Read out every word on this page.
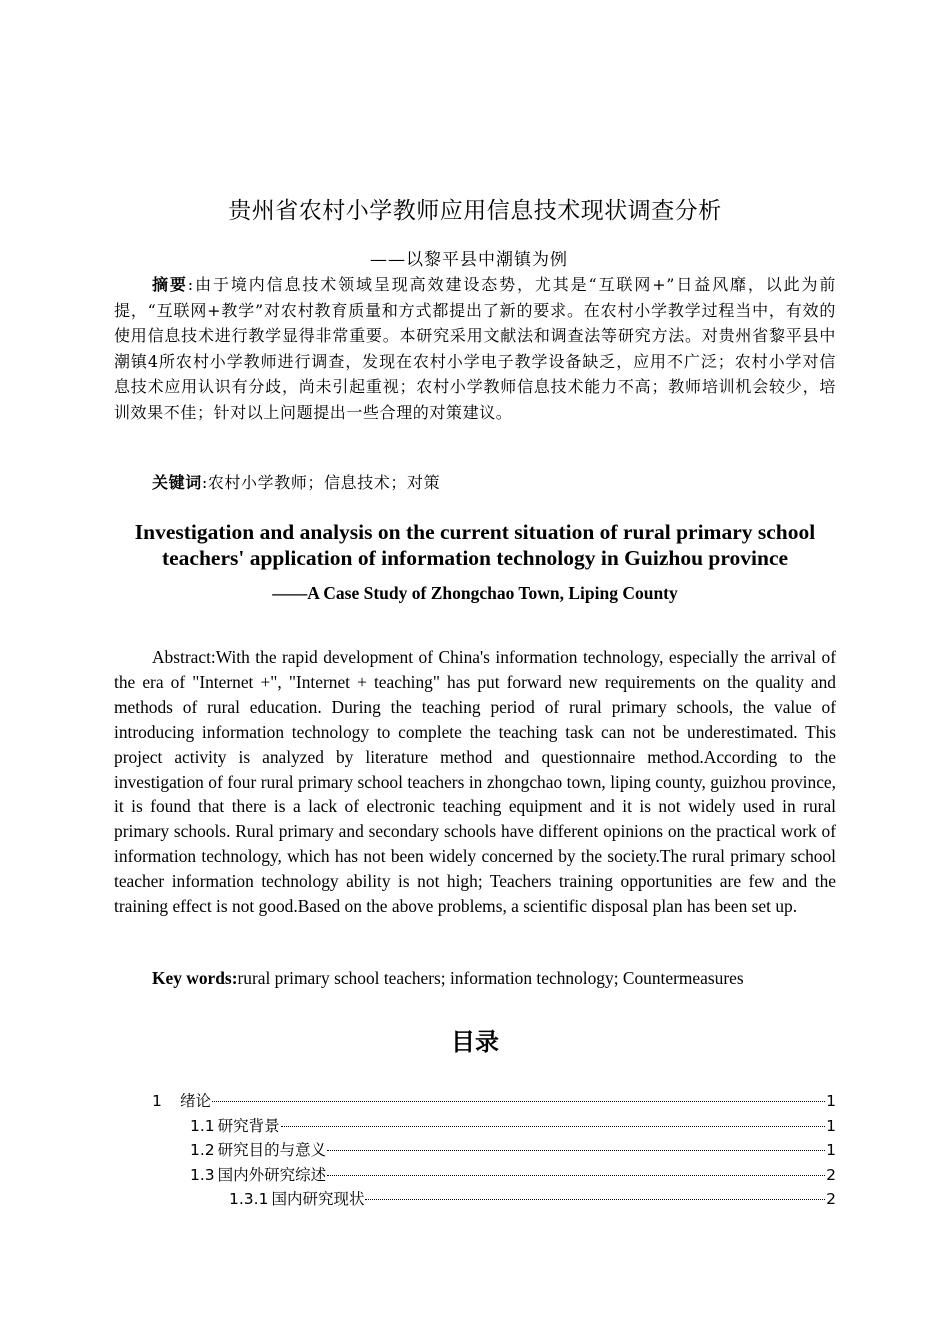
贵州省农村小学教师应用信息技术现状调查分析
——以黎平县中潮镇为例

摘要:由于境内信息技术领域呈现高效建设态势，尤其是“互联网+”日益风靡，以此为前提，“互联网+教学”对农村教育质量和方式都提出了新的要求。在农村小学教学过程当中，有效的使用信息技术进行教学显得非常重要。本研究采用文献法和调查法等研究方法。对贵州省黎平县中潮镇4所农村小学教师进行调查，发现在农村小学电子教学设备缺乏，应用不广泛；农村小学对信息技术应用认识有分歧，尚未引起重视；农村小学教师信息技术能力不高；教师培训机会较少，培训效果不佳；针对以上问题提出一些合理的对策建议。

关键词:农村小学教师；信息技术；对策

Investigation and analysis on the current situation of rural primary school teachers' application of information technology in Guizhou province

——A Case Study of Zhongchao Town, Liping County

Abstract:With the rapid development of China's information technology, especially the arrival of the era of "Internet +", "Internet + teaching" has put forward new requirements on the quality and methods of rural education. During the teaching period of rural primary schools, the value of introducing information technology to complete the teaching task can not be underestimated. This project activity is analyzed by literature method and questionnaire method.According to the investigation of four rural primary school teachers in zhongchao town, liping county, guizhou province, it is found that there is a lack of electronic teaching equipment and it is not widely used in rural primary schools. Rural primary and secondary schools have different opinions on the practical work of information technology, which has not been widely concerned by the society.The rural primary school teacher information technology ability is not high; Teachers training opportunities are few and the training effect is not good.Based on the above problems, a scientific disposal plan has been set up.

Key words:rural primary school teachers; information technology; Countermeasures
目录
1	绪论	1
1.1 研究背景	1
1.2 研究目的与意义	1
1.3 国内外研究综述	2
1.3.1 国内研究现状	2
